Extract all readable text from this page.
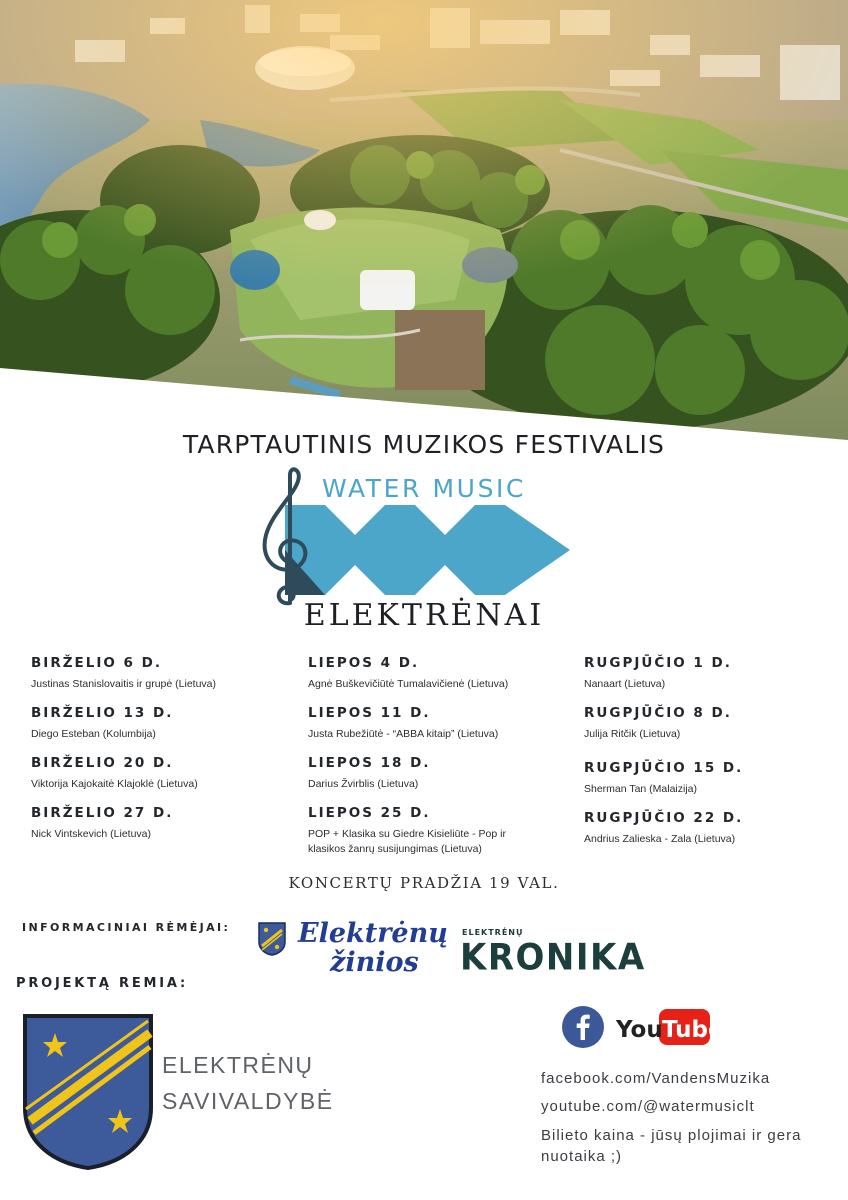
TARPTAUTINIS MUZIKOS FESTIVALIS
WATER MUSIC
ELEKTRĖNAI
BIRŽELIO 6 D.
Justinas Stanislovaitis ir grupė (Lietuva)
BIRŽELIO 13 D.
Diego Esteban (Kolumbija)
BIRŽELIO 20 D.
Viktorija Kajokaitė Klajoklė (Lietuva)
BIRŽELIO 27 D.
Nick Vintskevich (Lietuva)
LIEPOS 4 D.
Agnė Buškevičiūtė Tumalavičienė (Lietuva)
LIEPOS 11 D.
Justa Rubežiūtė - “ABBA kitaip” (Lietuva)
LIEPOS 18 D.
Darius Žvirblis (Lietuva)
LIEPOS 25 D.
POP + Klasika su Giedre Kisieliūte - Pop ir
klasikos žanrų susijungimas (Lietuva)
RUGPJŪČIO 1 D.
Nanaart (Lietuva)
RUGPJŪČIO 8 D.
Julija Ritčik (Lietuva)
RUGPJŪČIO 15 D.
Sherman Tan (Malaizija)
RUGPJŪČIO 22 D.
Andrius Zalieska - Zala (Lietuva)
KONCERTŲ PRADŽIA 19 VAL.
INFORMACINIAI RĖMĖJAI:	Elektrėnų
žinios
ELEKTRĖNŲ
KRONIKA
PROJEKTĄ REMIA:
ELEKTRĖNŲ
SAVIVALDYBĖ
You Tube
facebook.com/VandensMuzika
youtube.com/@watermusiclt
Bilieto kaina - jūsų plojimai ir gera nuotaika ;)
